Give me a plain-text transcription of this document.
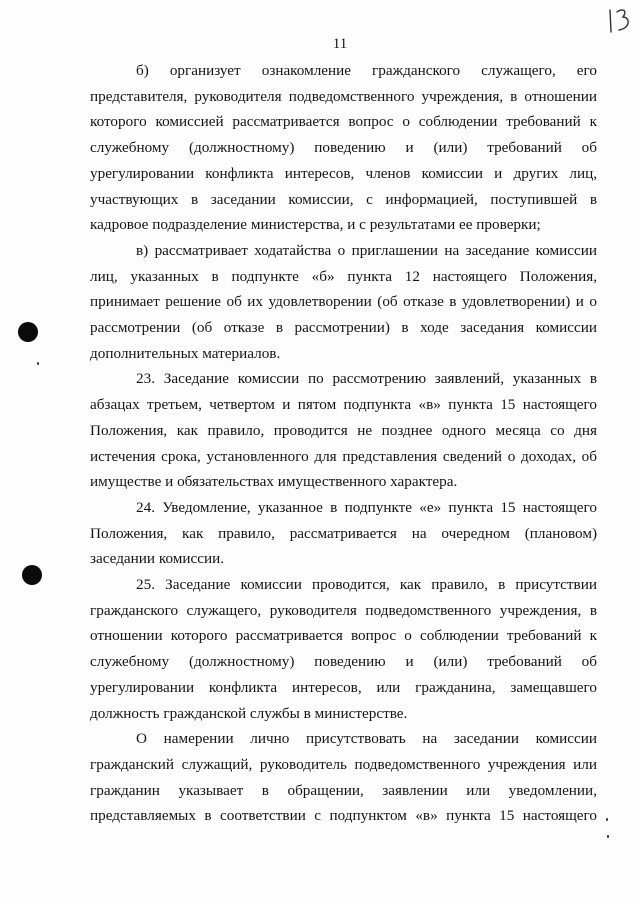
11

б) организует ознакомление гражданского служащего, его представителя, руководителя подведомственного учреждения, в отношении которого комиссией рассматривается вопрос о соблюдении требований к служебному (должностному) поведению и (или) требований об урегулировании конфликта интересов, членов комиссии и других лиц, участвующих в заседании комиссии, с информацией, поступившей в кадровое подразделение министерства, и с результатами ее проверки;

в) рассматривает ходатайства о приглашении на заседание комиссии лиц, указанных в подпункте «б» пункта 12 настоящего Положения, принимает решение об их удовлетворении (об отказе в удовлетворении) и о рассмотрении (об отказе в рассмотрении) в ходе заседания комиссии дополнительных материалов.

23. Заседание комиссии по рассмотрению заявлений, указанных в абзацах третьем, четвертом и пятом подпункта «в» пункта 15 настоящего Положения, как правило, проводится не позднее одного месяца со дня истечения срока, установленного для представления сведений о доходах, об имуществе и обязательствах имущественного характера.

24. Уведомление, указанное в подпункте «е» пункта 15 настоящего Положения, как правило, рассматривается на очередном (плановом) заседании комиссии.

25. Заседание комиссии проводится, как правило, в присутствии гражданского служащего, руководителя подведомственного учреждения, в отношении которого рассматривается вопрос о соблюдении требований к служебному (должностному) поведению и (или) требований об урегулировании конфликта интересов, или гражданина, замещавшего должность гражданской службы в министерстве.

О намерении лично присутствовать на заседании комиссии гражданский служащий, руководитель подведомственного учреждения или гражданин указывает в обращении, заявлении или уведомлении, представляемых в соответствии с подпунктом «в» пункта 15 настоящего
